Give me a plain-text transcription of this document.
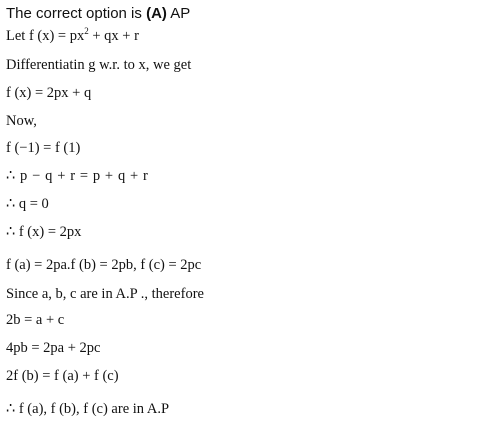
The correct option is (A) AP
Let f $(x) = px^2$ + qx + r
Differentiatin g w.r. to x, we get
f (x) = 2px + q
Now,
f (−1) = f (1)
∴ p − q + r = p + q + r
∴ q = 0
∴ f (x) = 2px
f (a) = 2pa.f (b) = 2pb, f (c) = 2pc
Since a, b, c are in A.P ., therefore
2b = a + c
4pb = 2pa + 2pc
2f (b) = f (a) + f (c)
∴ f (a), f (b), f (c) are in A.P
